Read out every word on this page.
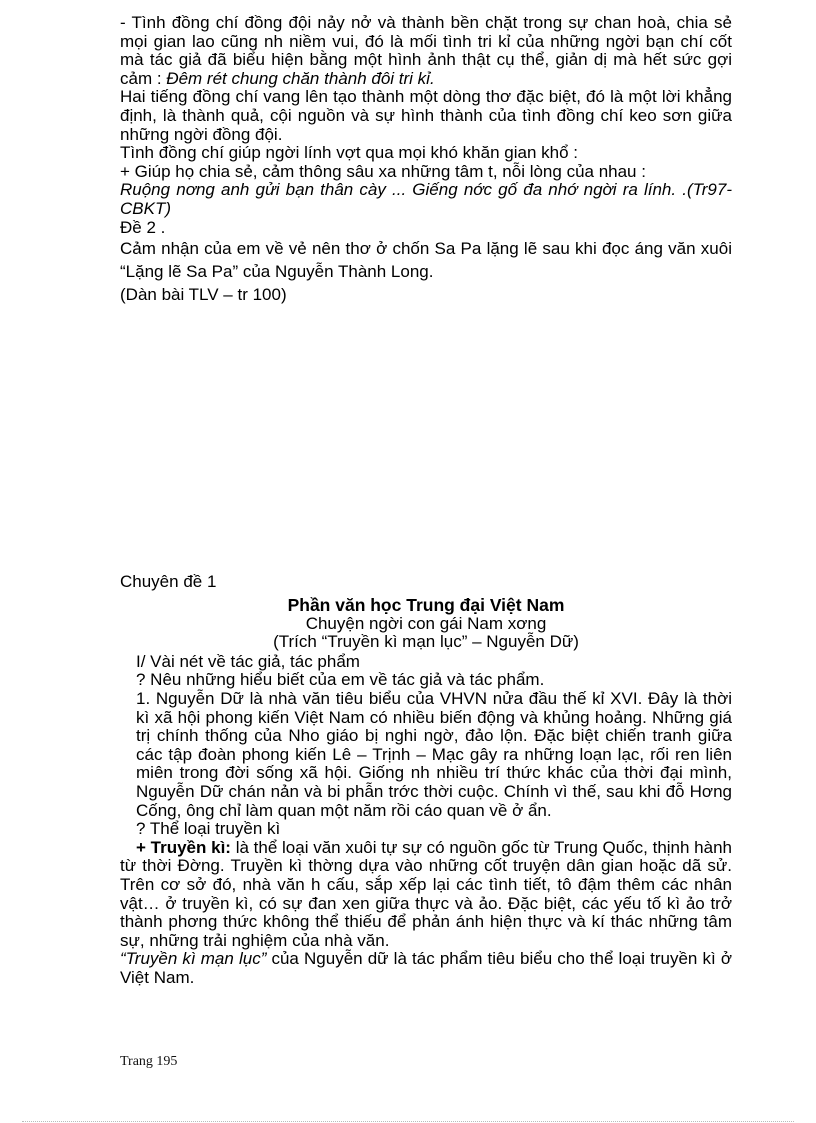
- Tình đồng chí đồng đội nảy nở và thành bền chặt trong sự chan hoà, chia sẻ mọi gian lao cũng nh niềm vui, đó là mối tình tri kỉ của những ngời bạn chí cốt mà tác giả đã biểu hiện bằng một hình ảnh thật cụ thể, giản dị mà hết sức gợi cảm : Đêm rét chung chăn thành đôi tri kỉ.

Hai tiếng đồng chí vang lên tạo thành một dòng thơ đặc biệt, đó là một lời khẳng định, là thành quả, cội nguồn và sự hình thành của tình đồng chí keo sơn giữa những ngời đồng đội.

Tình đồng chí giúp ngời lính vợt qua mọi khó khăn gian khổ :

+ Giúp họ chia sẻ, cảm thông sâu xa những tâm t, nỗi lòng của nhau :

Ruộng nơng anh gửi bạn thân cày ... Giếng nớc gố đa nhớ ngời ra lính. .(Tr97- CBKT)

Đề 2 .

Cảm nhận của em về vẻ nên thơ ở chốn Sa Pa lặng lẽ sau khi đọc áng văn xuôi “Lặng lẽ Sa Pa” của Nguyễn Thành Long.

(Dàn bài TLV – tr 100)

Chuyên đề 1

Phần văn học Trung đại Việt Nam

Chuyện ngời con gái Nam xơng

(Trích “Truyền kì mạn lục” – Nguyễn Dữ)

I/ Vài nét về tác giả, tác phẩm

? Nêu những hiểu biết của em về tác giả và tác phẩm.

1. Nguyễn Dữ là nhà văn tiêu biểu của VHVN nửa đầu thế kỉ XVI. Đây là thời kì xã hội phong kiến Việt Nam có nhiều biến động và khủng hoảng. Những giá trị chính thống của Nho giáo bị nghi ngờ, đảo lộn. Đặc biệt chiến tranh giữa các tập đoàn phong kiến Lê – Trịnh – Mạc gây ra những loạn lạc, rối ren liên miên trong đời sống xã hội. Giống nh nhiều trí thức khác của thời đại mình, Nguyễn Dữ chán nản và bi phẫn trớc thời cuộc. Chính vì thế, sau khi đỗ Hơng Cống, ông chỉ làm quan một năm rồi cáo quan về ở ẩn.

? Thể loại truyền kì

+ Truyền kì: là thể loại văn xuôi tự sự có nguồn gốc từ Trung Quốc, thịnh hành từ thời Đờng. Truyền kì thờng dựa vào những cốt truyện dân gian hoặc dã sử. Trên cơ sở đó, nhà văn h cấu, sắp xếp lại các tình tiết, tô đậm thêm các nhân vật… ở truyền kì, có sự đan xen giữa thực và ảo. Đặc biệt, các yếu tố kì ảo trở thành phơng thức không thể thiếu để phản ánh hiện thực và kí thác những tâm sự, những trải nghiệm của nhà văn.

“Truyền kì mạn lục” của Nguyễn dữ là tác phẩm tiêu biểu cho thể loại truyền kì ở Việt Nam.

Trang 195
